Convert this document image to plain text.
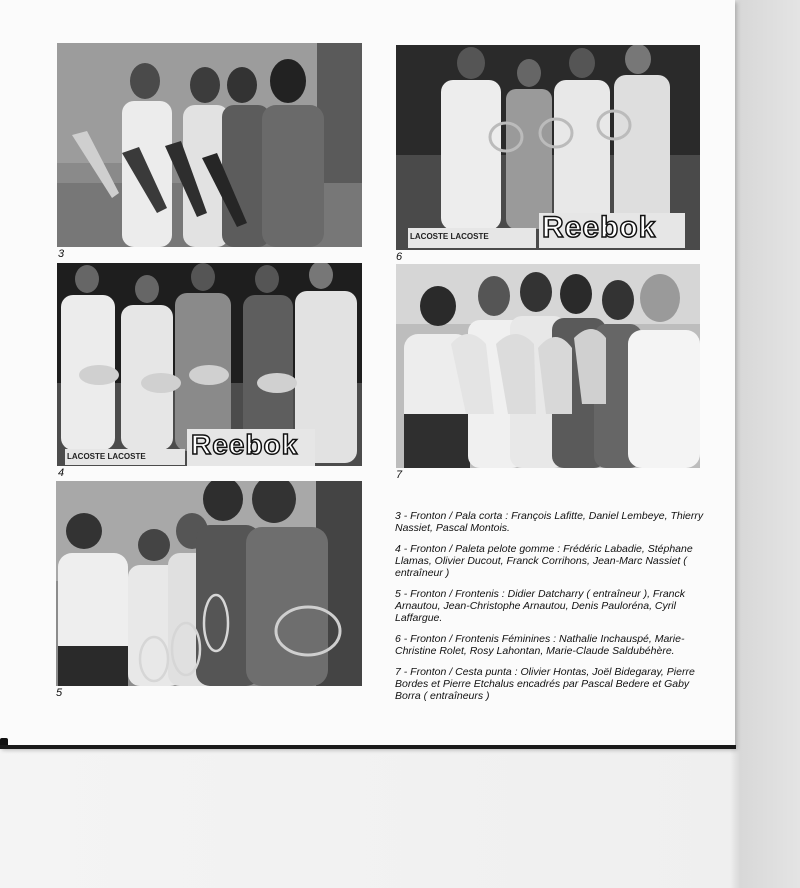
3
LACOSTE LACOSTE Reebok
6
LACOSTE LACOSTE Reebok
4	7
5

3 - Fronton / Pala corta : François Lafitte, Daniel Lembeye, Thierry Nassiet, Pascal Montois.

4 - Fronton / Paleta pelote gomme : Frédéric Labadie, Stéphane Llamas, Olivier Ducout, Franck Corrihons, Jean-Marc Nassiet ( entraîneur )

5 - Fronton / Frontenis : Didier Datcharry ( entraîneur ), Franck Arnautou, Jean-Christophe Arnautou, Denis Pauloréna, Cyril Laffargue.

6 - Fronton / Frontenis Féminines : Nathalie Inchauspé, Marie-Christine Rolet, Rosy Lahontan, Marie-Claude Saldubéhère.

7 - Fronton / Cesta punta : Olivier Hontas, Joël Bidegaray, Pierre Bordes et Pierre Etchalus encadrés par Pascal Bedere et Gaby Borra ( entraîneurs )
